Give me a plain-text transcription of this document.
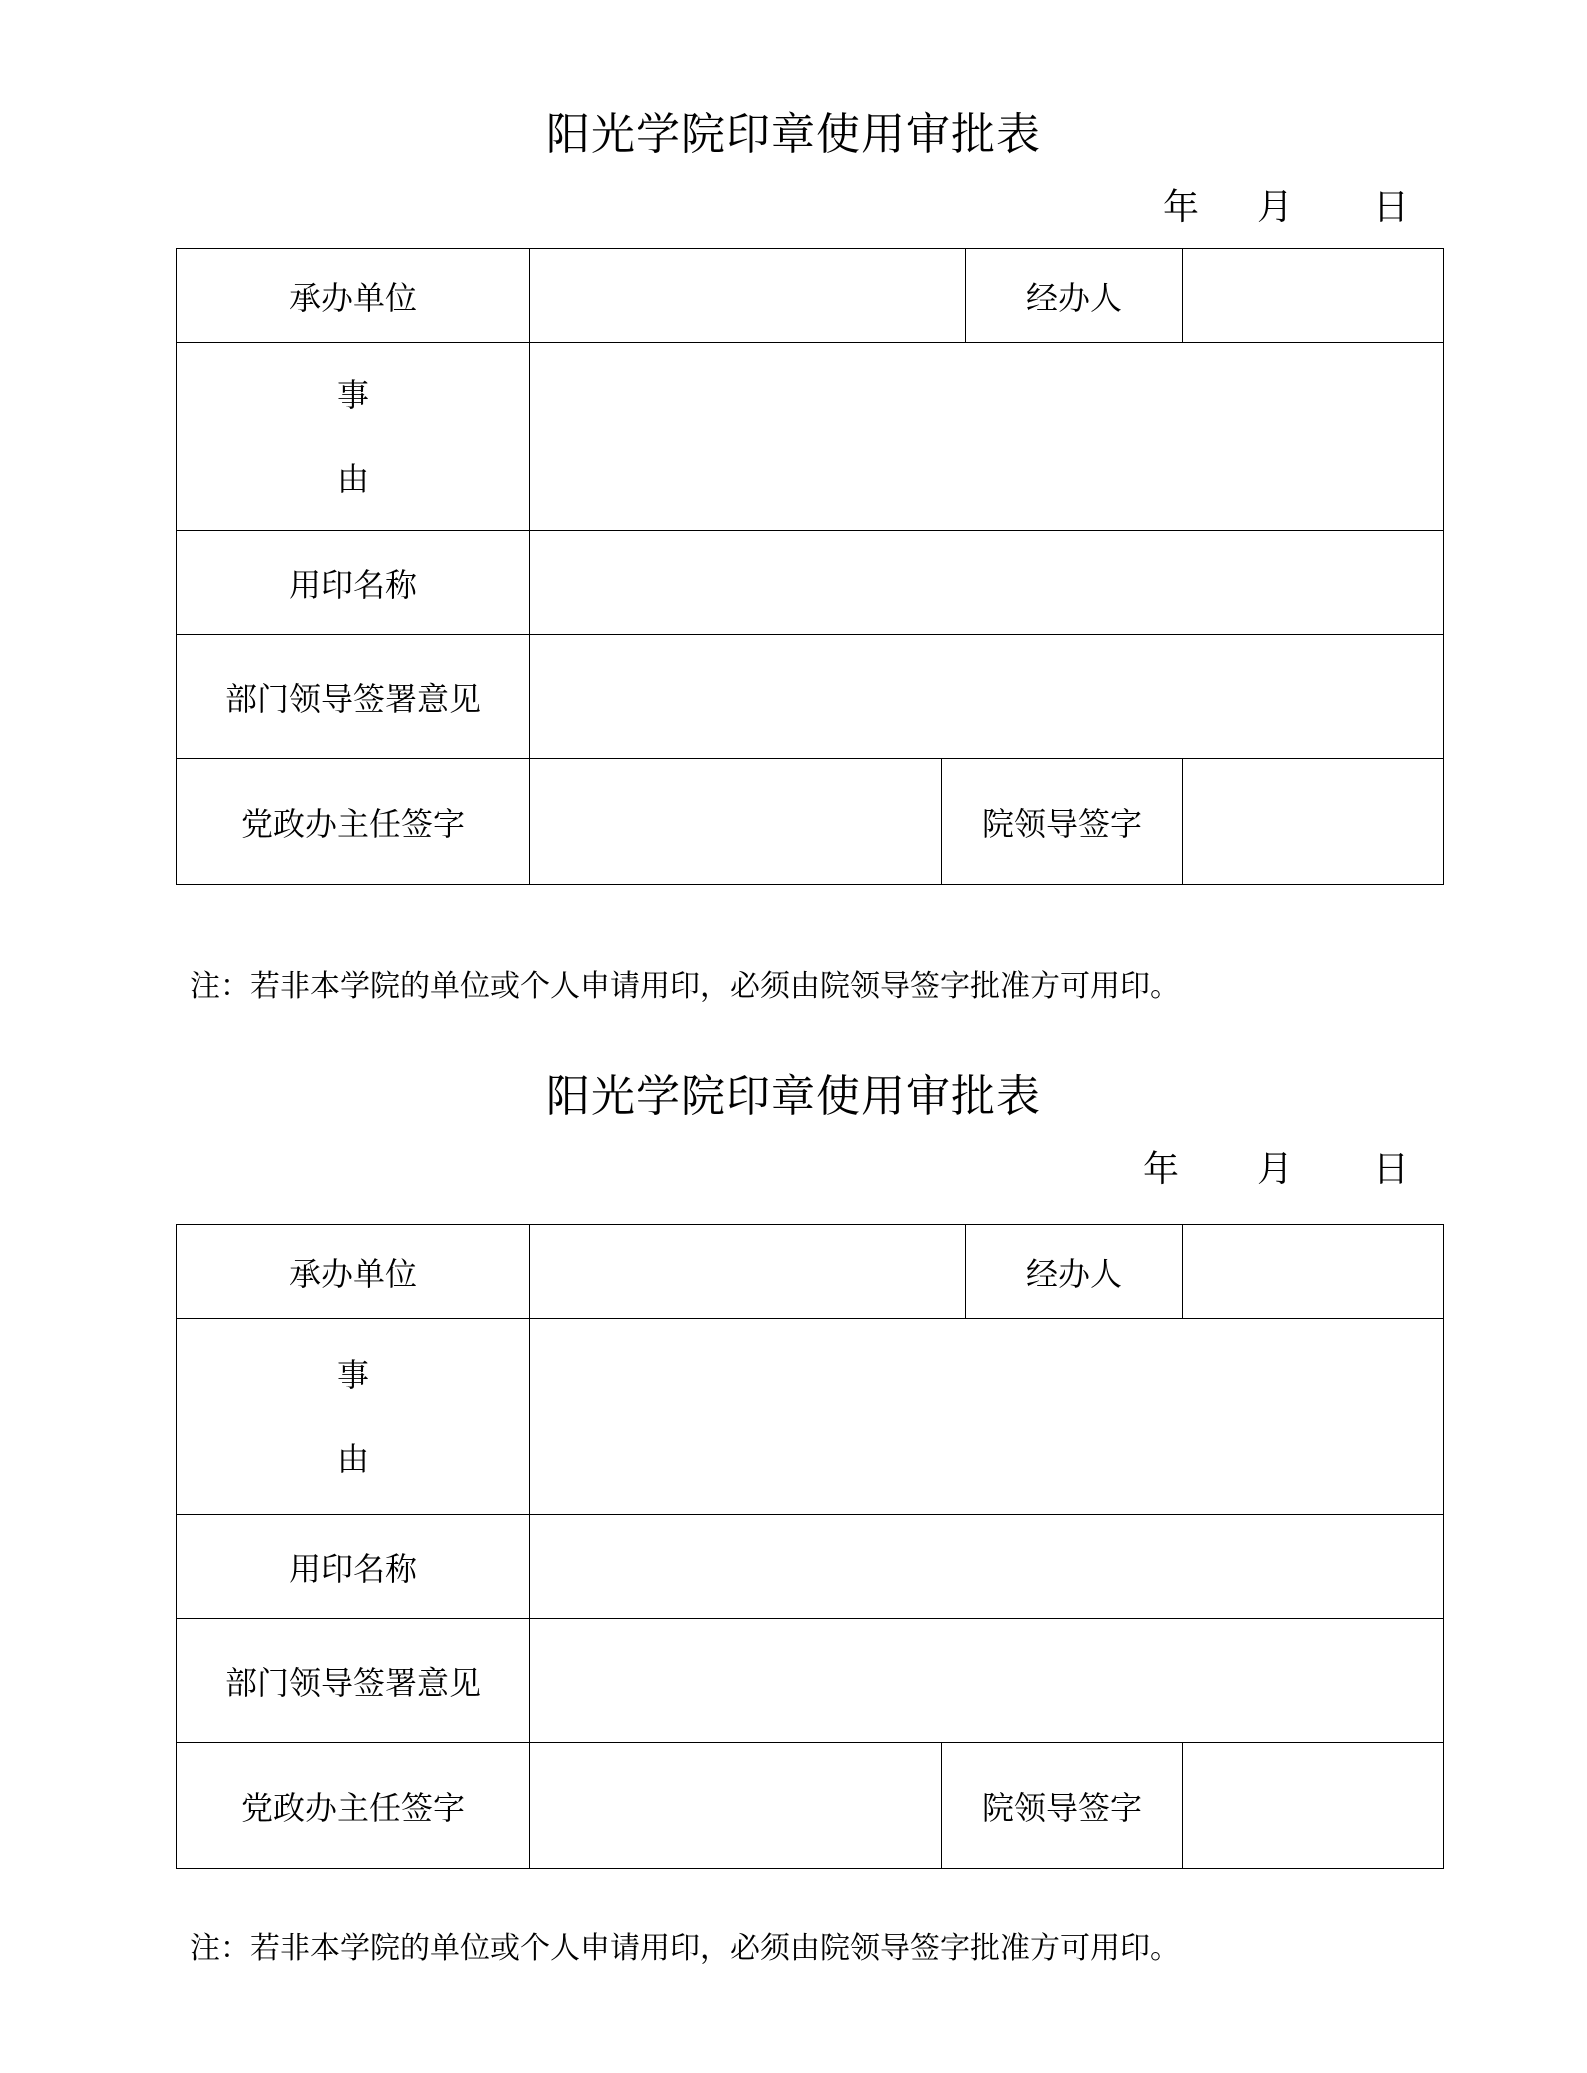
阳光学院印章使用审批表
年 月 日
承办单位			经办人	

事
由				

用印名称				
部门领导签署意见				
党政办主任签字		院领导签字		
注：若非本学院的单位或个人申请用印，必须由院领导签字批准方可用印。
阳光学院印章使用审批表
年 月 日
承办单位			经办人	

事
由				

用印名称				
部门领导签署意见				
党政办主任签字		院领导签字		
注：若非本学院的单位或个人申请用印，必须由院领导签字批准方可用印。
